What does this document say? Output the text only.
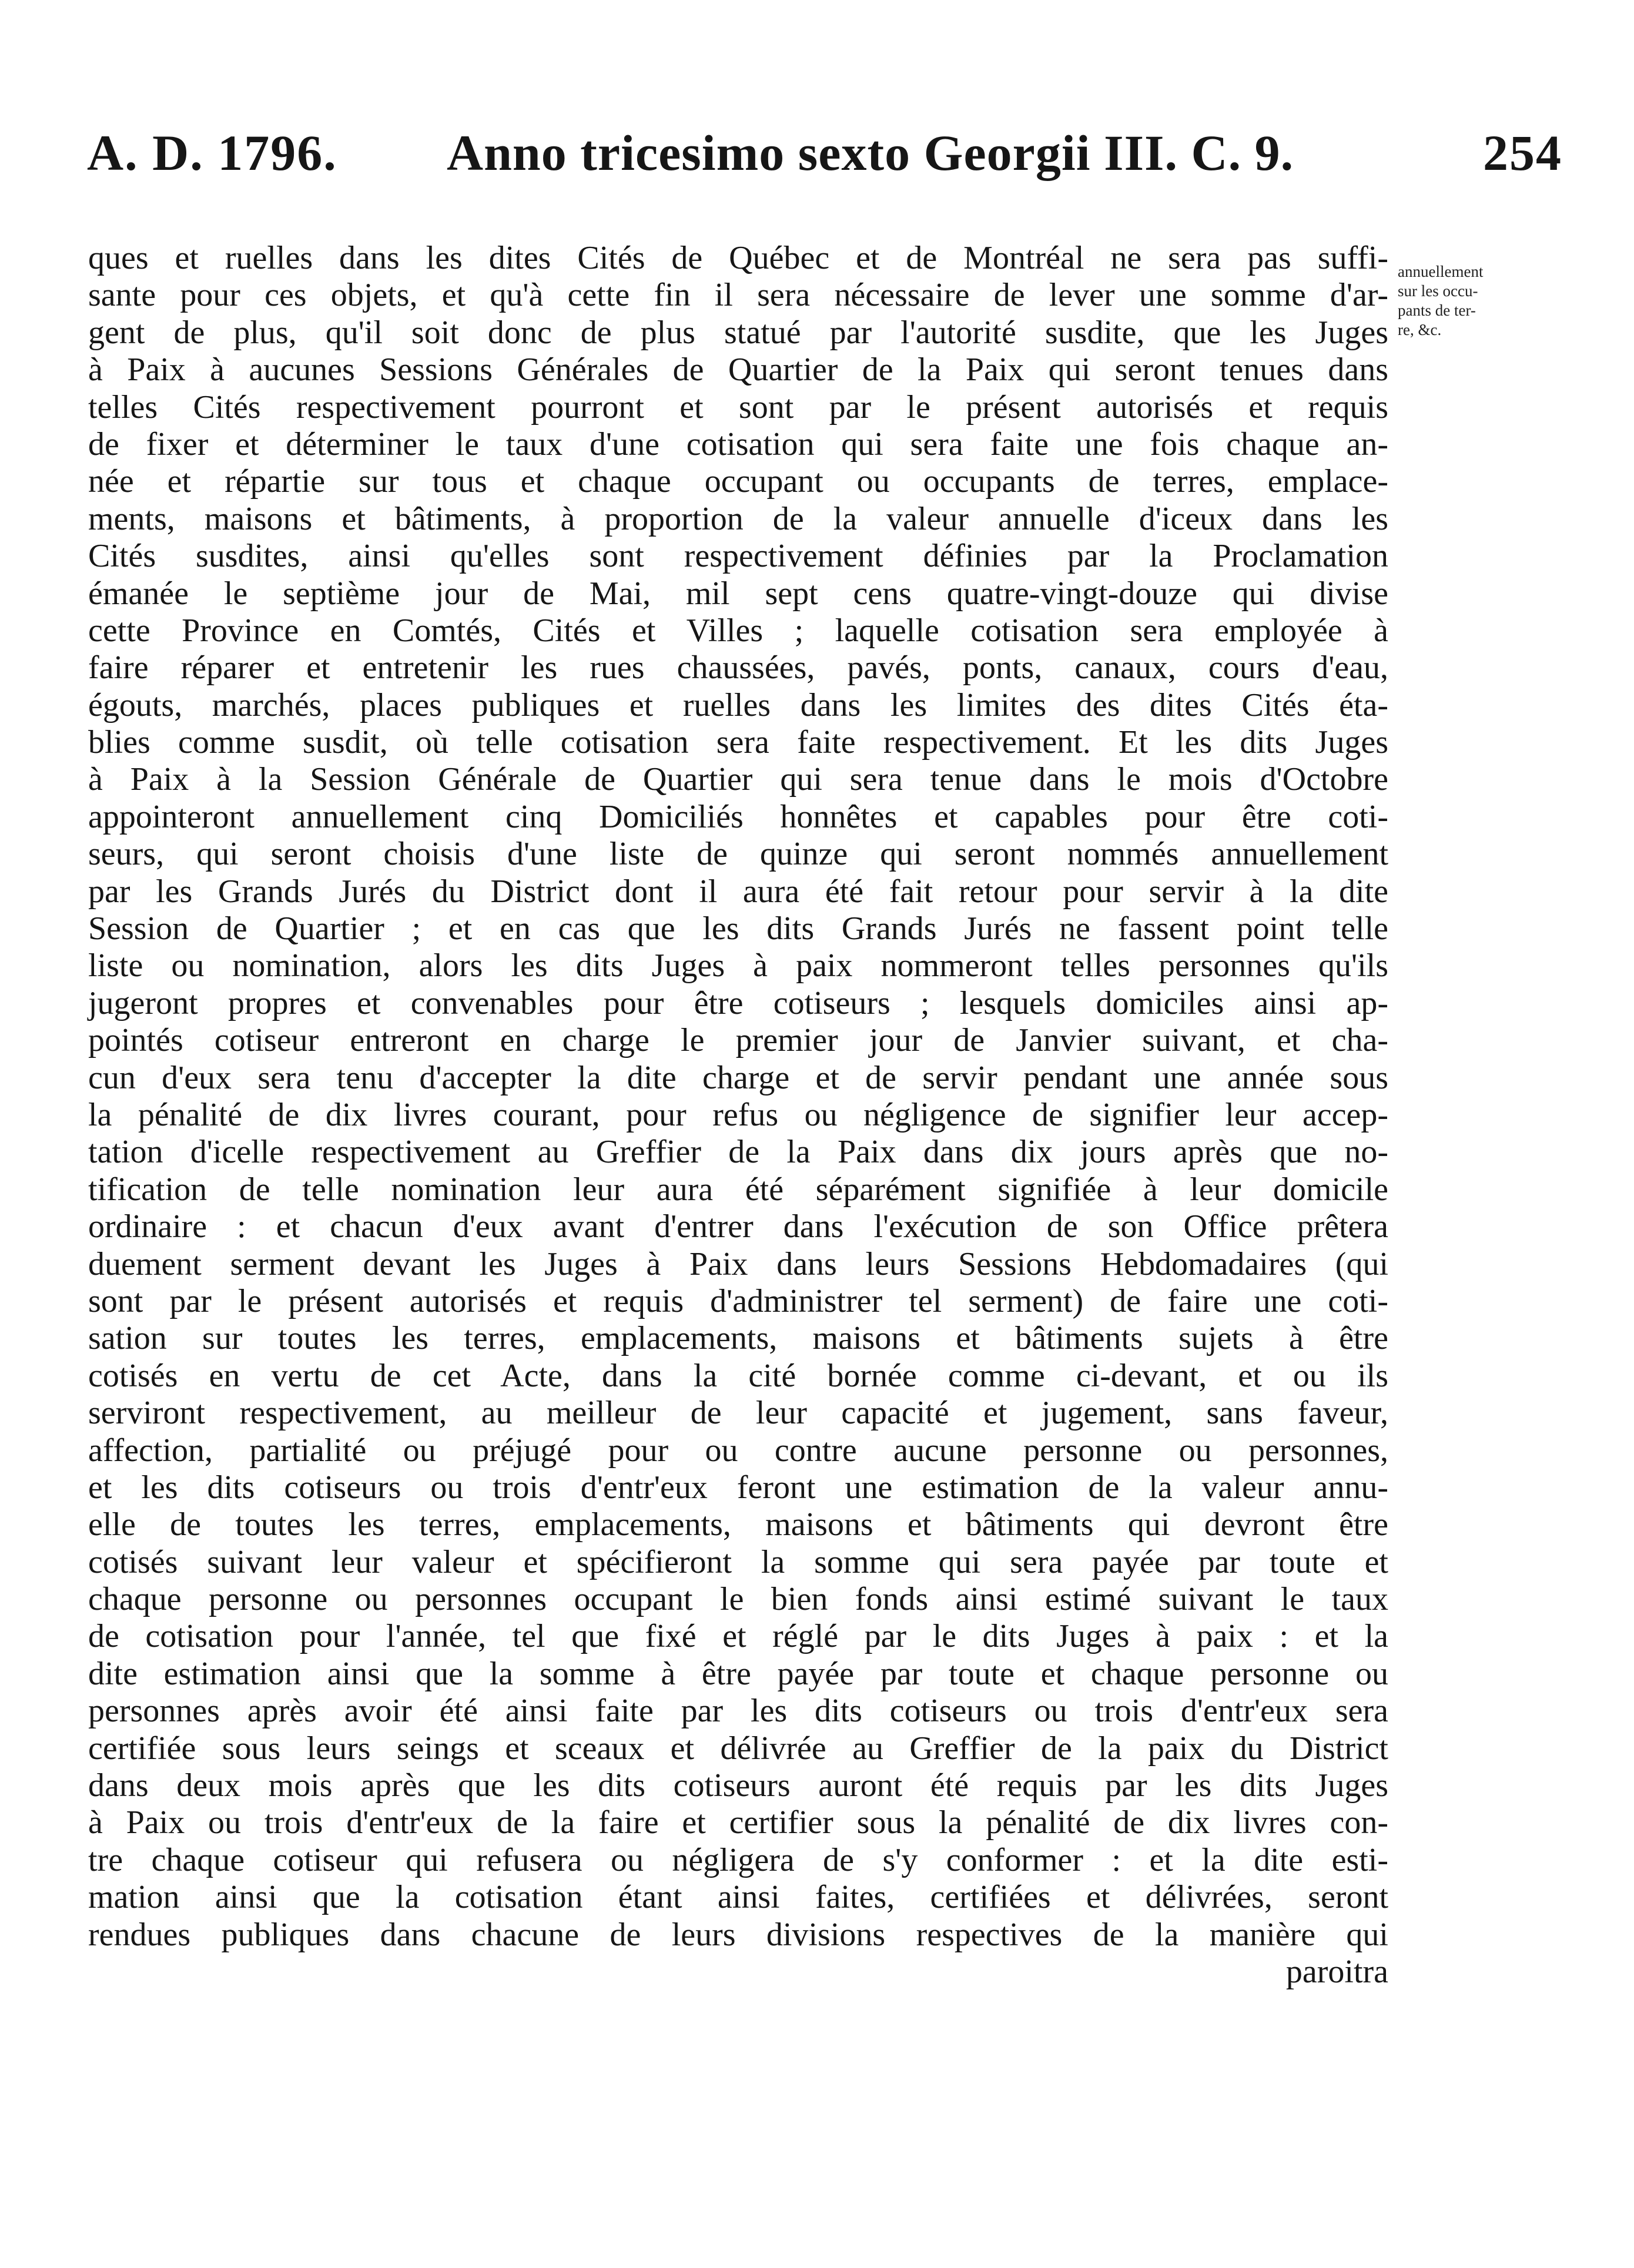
A. D. 1796. Anno tricesimo sexto Georgii III. C. 9.	254
ques et ruelles dans les dites Cités de Québec et de Montréal ne sera pas suffi-
sante pour ces objets, et qu'à cette fin il sera nécessaire de lever une somme d'ar-
gent de plus, qu'il soit donc de plus statué par l'autorité susdite, que les Juges
à Paix à aucunes Sessions Générales de Quartier de la Paix qui seront tenues dans
telles Cités respectivement pourront et sont par le présent autorisés et requis
de fixer et déterminer le taux d'une cotisation qui sera faite une fois chaque an-
née et répartie sur tous et chaque occupant ou occupants de terres, emplace-
ments, maisons et bâtiments, à proportion de la valeur annuelle d'iceux dans les
Cités susdites, ainsi qu'elles sont respectivement définies par la Proclamation
émanée le septième jour de Mai, mil sept cens quatre-vingt-douze qui divise
cette Province en Comtés, Cités et Villes ; laquelle cotisation sera employée à
faire réparer et entretenir les rues chaussées, pavés, ponts, canaux, cours d'eau,
égouts, marchés, places publiques et ruelles dans les limites des dites Cités éta-
blies comme susdit, où telle cotisation sera faite respectivement. Et les dits Juges
à Paix à la Session Générale de Quartier qui sera tenue dans le mois d'Octobre
appointeront annuellement cinq Domiciliés honnêtes et capables pour être coti-
seurs, qui seront choisis d'une liste de quinze qui seront nommés annuellement
par les Grands Jurés du District dont il aura été fait retour pour servir à la dite
Session de Quartier ; et en cas que les dits Grands Jurés ne fassent point telle
liste ou nomination, alors les dits Juges à paix nommeront telles personnes qu'ils
jugeront propres et convenables pour être cotiseurs ; lesquels domiciles ainsi ap-
pointés cotiseur entreront en charge le premier jour de Janvier suivant, et cha-
cun d'eux sera tenu d'accepter la dite charge et de servir pendant une année sous
la pénalité de dix livres courant, pour refus ou négligence de signifier leur accep-
tation d'icelle respectivement au Greffier de la Paix dans dix jours après que no-
tification de telle nomination leur aura été séparément signifiée à leur domicile
ordinaire : et chacun d'eux avant d'entrer dans l'exécution de son Office prêtera
duement serment devant les Juges à Paix dans leurs Sessions Hebdomadaires (qui
sont par le présent autorisés et requis d'administrer tel serment) de faire une coti-
sation sur toutes les terres, emplacements, maisons et bâtiments sujets à être
cotisés en vertu de cet Acte, dans la cité bornée comme ci-devant, et ou ils
serviront respectivement, au meilleur de leur capacité et jugement, sans faveur,
affection, partialité ou préjugé pour ou contre aucune personne ou personnes,
et les dits cotiseurs ou trois d'entr'eux feront une estimation de la valeur annu-
elle de toutes les terres, emplacements, maisons et bâtiments qui devront être
cotisés suivant leur valeur et spécifieront la somme qui sera payée par toute et
chaque personne ou personnes occupant le bien fonds ainsi estimé suivant le taux
de cotisation pour l'année, tel que fixé et réglé par le dits Juges à paix : et la
dite estimation ainsi que la somme à être payée par toute et chaque personne ou
personnes après avoir été ainsi faite par les dits cotiseurs ou trois d'entr'eux sera
certifiée sous leurs seings et sceaux et délivrée au Greffier de la paix du District
dans deux mois après que les dits cotiseurs auront été requis par les dits Juges
à Paix ou trois d'entr'eux de la faire et certifier sous la pénalité de dix livres con-
tre chaque cotiseur qui refusera ou négligera de s'y conformer : et la dite esti-
mation ainsi que la cotisation étant ainsi faites, certifiées et délivrées, seront
rendues publiques dans chacune de leurs divisions respectives de la manière qui
paroitra
annuellement
sur les occu-
pants de ter-
re, &c.
